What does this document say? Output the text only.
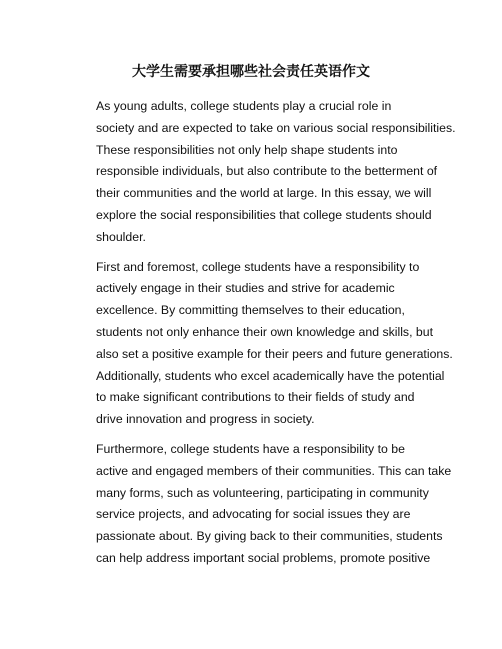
大学生需要承担哪些社会责任英语作文

As young adults, college students play a crucial role in
society and are expected to take on various social responsibilities.
These responsibilities not only help shape students into
responsible individuals, but also contribute to the betterment of
their communities and the world at large. In this essay, we will
explore the social responsibilities that college students should
shoulder.

First and foremost, college students have a responsibility to
actively engage in their studies and strive for academic
excellence. By committing themselves to their education,
students not only enhance their own knowledge and skills, but
also set a positive example for their peers and future generations.
Additionally, students who excel academically have the potential
to make significant contributions to their fields of study and
drive innovation and progress in society.

Furthermore, college students have a responsibility to be
active and engaged members of their communities. This can take
many forms, such as volunteering, participating in community
service projects, and advocating for social issues they are
passionate about. By giving back to their communities, students
can help address important social problems, promote positive
